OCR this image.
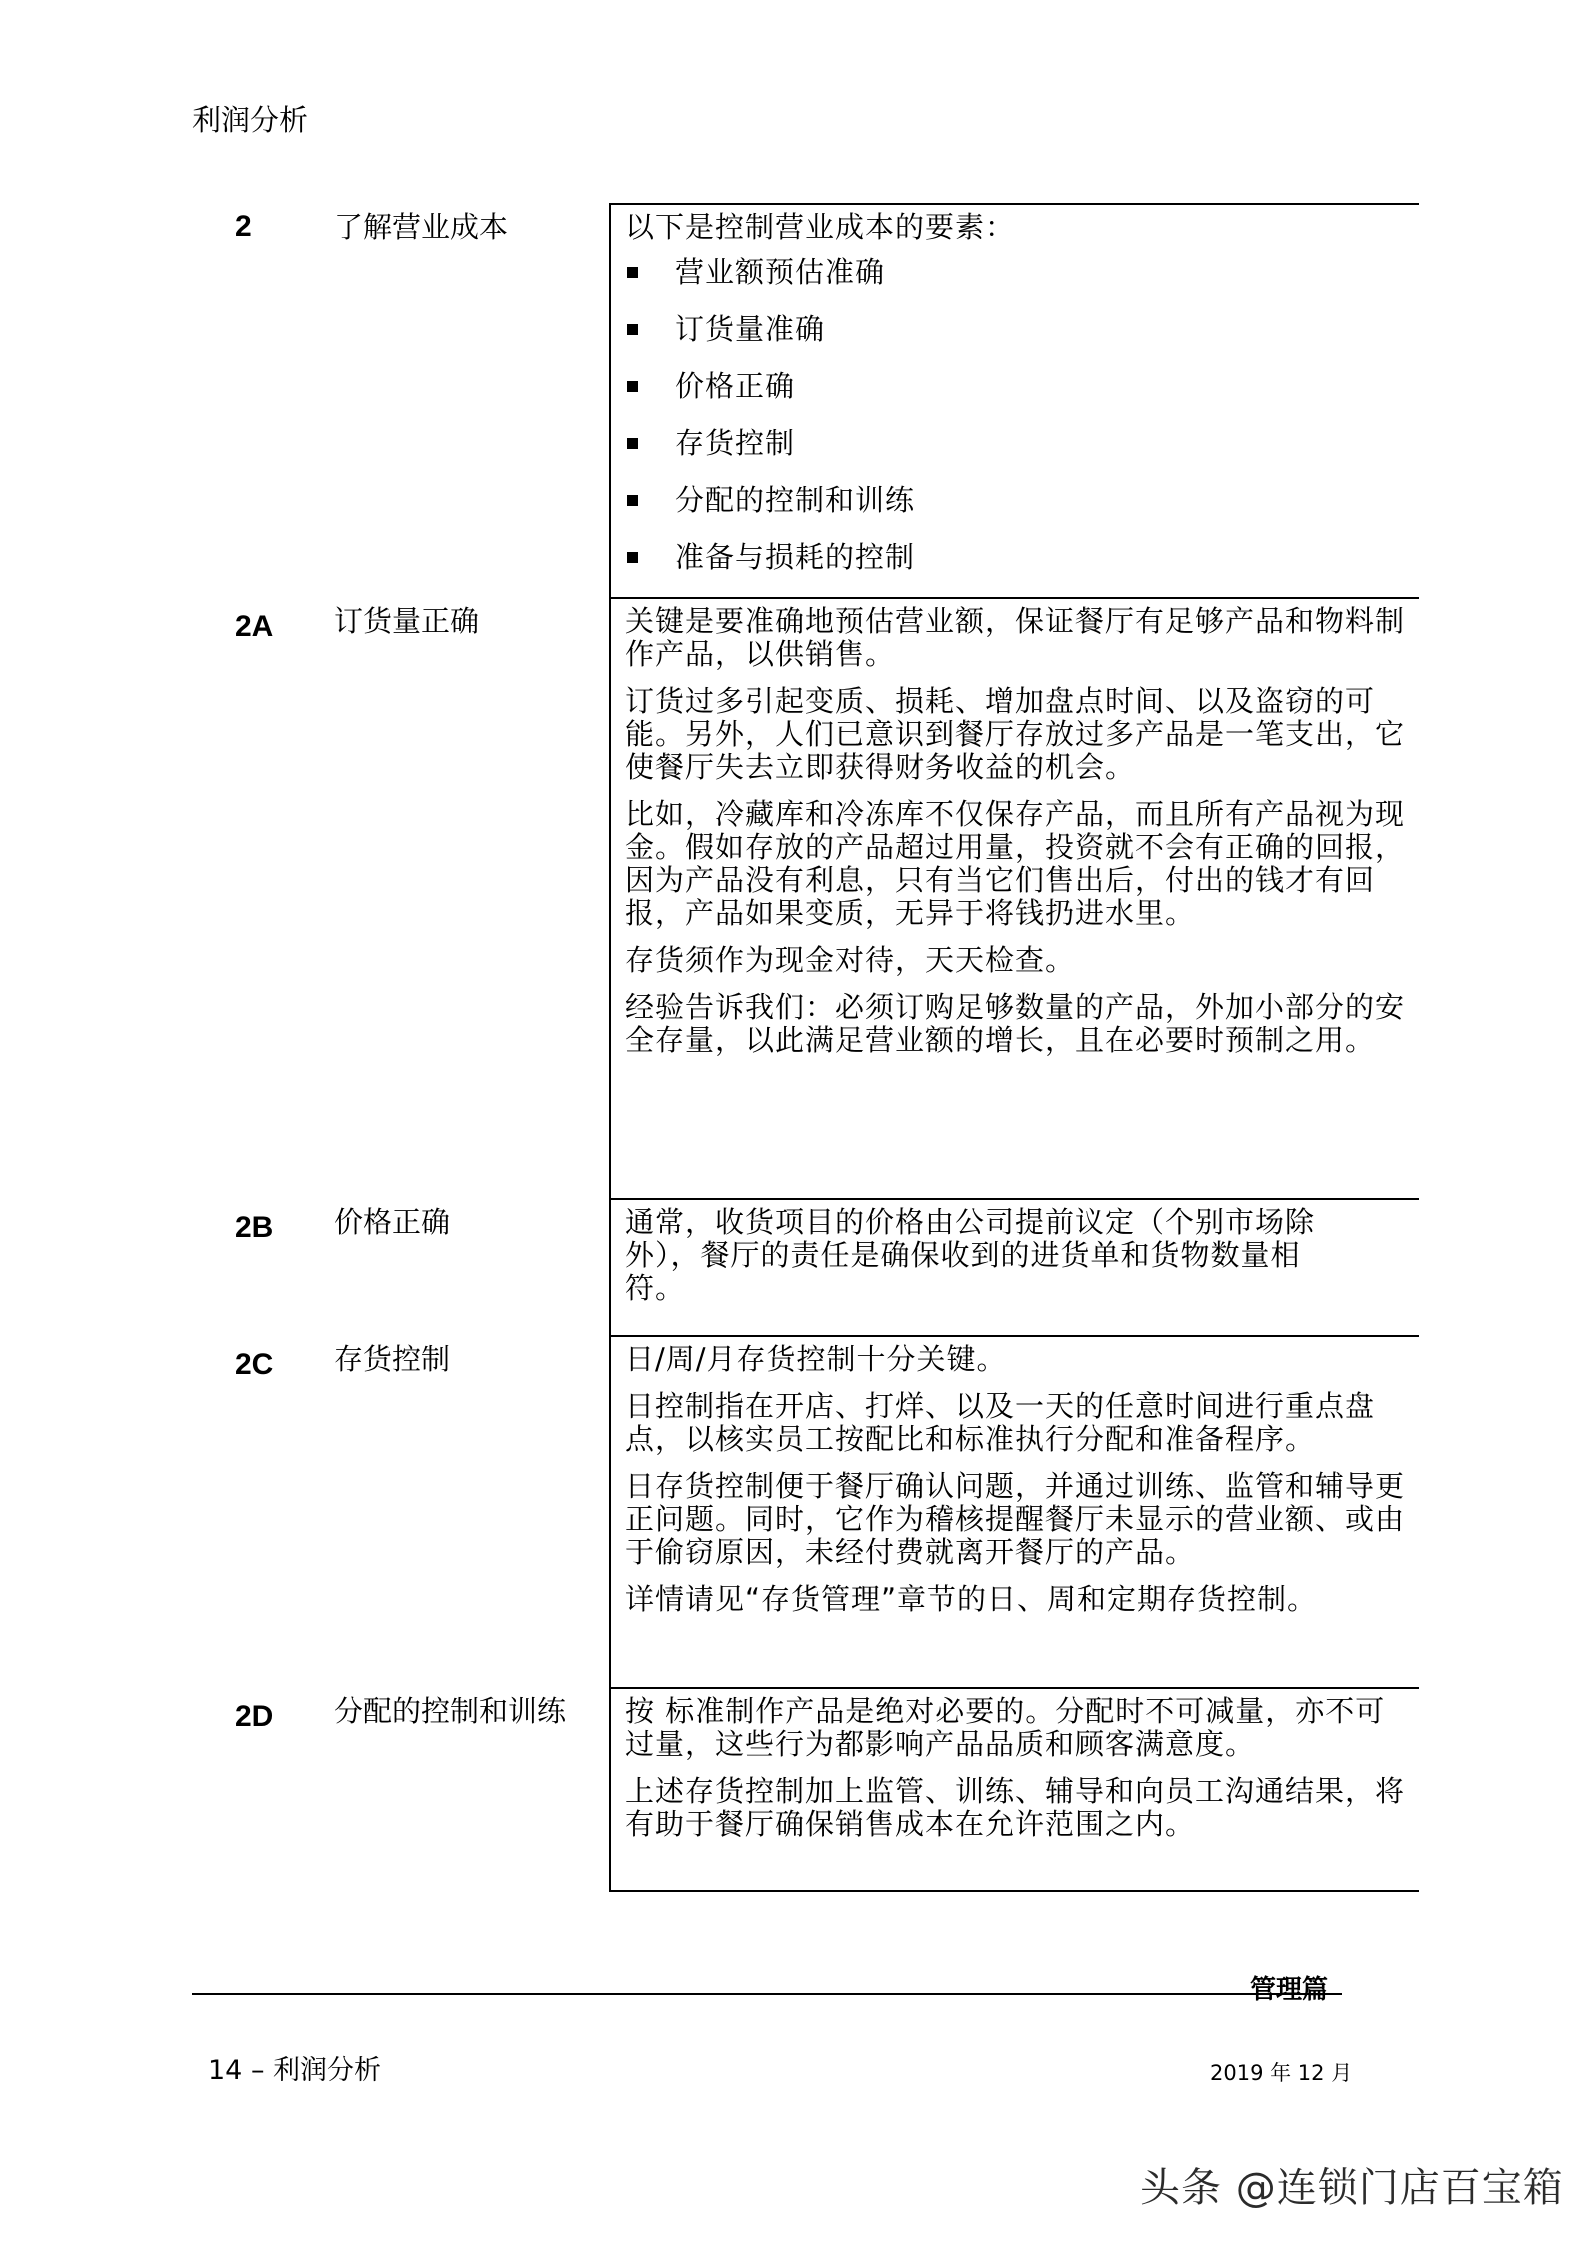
利润分析
2	了解营业成本	以下是控制营业成本的要素：

营业额预估准确
订货量准确
价格正确
存货控制
分配的控制和训练
准备与损耗的控制
2A	订货量正确	关键是要准确地预估营业额，保证餐厅有足够产品和物料制作产品，以供销售。

订货过多引起变质、损耗、增加盘点时间、以及盗窃的可能。另外，人们已意识到餐厅存放过多产品是一笔支出，它使餐厅失去立即获得财务收益的机会。

比如，冷藏库和冷冻库不仅保存产品，而且所有产品视为现金。假如存放的产品超过用量，投资就不会有正确的回报，因为产品没有利息，只有当它们售出后，付出的钱才有回报，产品如果变质，无异于将钱扔进水里。

存货须作为现金对待，天天检查。

经验告诉我们：必须订购足够数量的产品，外加小部分的安全存量，以此满足营业额的增长，且在必要时预制之用。

2B	价格正确	通常，收货项目的价格由公司提前议定（个别市场除外），餐厅的责任是确保收到的进货单和货物数量相符。

2C	存货控制	日/周/月存货控制十分关键。

日控制指在开店、打烊、以及一天的任意时间进行重点盘点，以核实员工按配比和标准执行分配和准备程序。

日存货控制便于餐厅确认问题，并通过训练、监管和辅导更正问题。同时，它作为稽核提醒餐厅未显示的营业额、或由于偷窃原因，未经付费就离开餐厅的产品。

详情请见“存货管理”章节的日、周和定期存货控制。

2D	分配的控制和训练	按 标准制作产品是绝对必要的。分配时不可减量，亦不可过量，这些行为都影响产品品质和顾客满意度。

上述存货控制加上监管、训练、辅导和向员工沟通结果，将有助于餐厅确保销售成本在允许范围之内。

管理篇
14 – 利润分析	2019 年 12 月
头条 @连锁门店百宝箱
